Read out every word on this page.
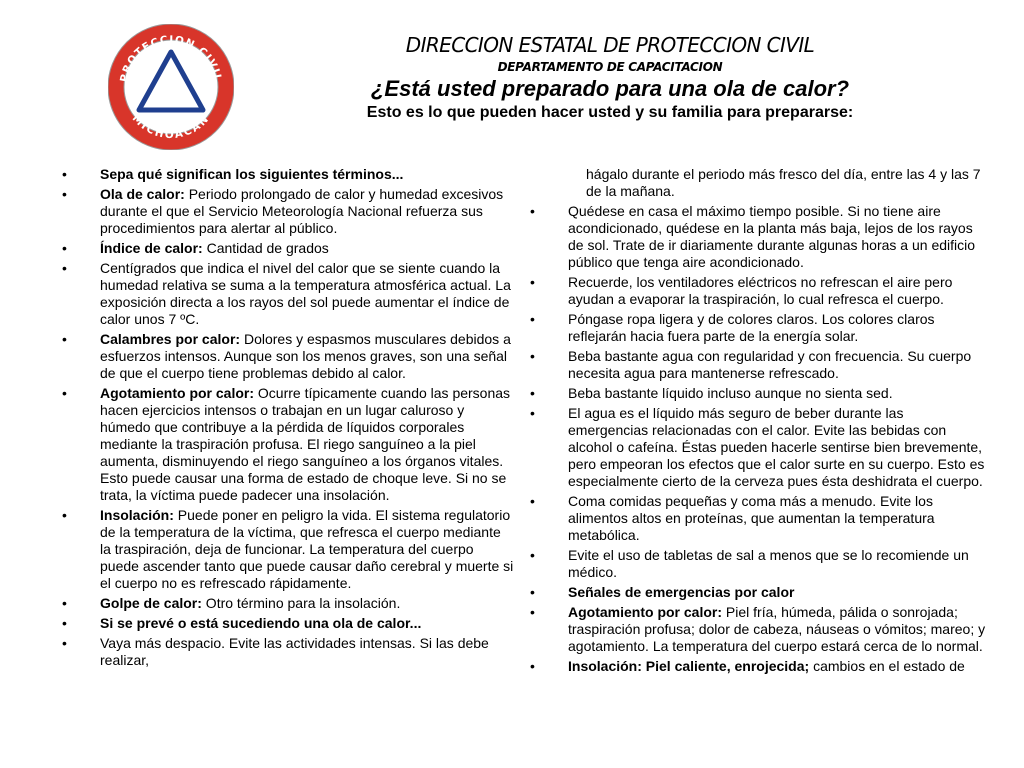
PROTECCION CIVIL
MICHOACAN

DIRECCION ESTATAL DE PROTECCION CIVIL

DEPARTAMENTO DE CAPACITACION

¿Está usted preparado para una ola de calor?

Esto es lo que pueden hacer usted y su familia para prepararse:

• Sepa qué significan los siguientes términos...
• Ola de calor: Periodo prolongado de calor y humedad excesivos durante el que el Servicio Meteorología Nacional refuerza sus procedimientos para alertar al público.
• Índice de calor: Cantidad de grados
• Centígrados que indica el nivel del calor que se siente cuando la humedad relativa se suma a la temperatura atmosférica actual. La exposición directa a los rayos del sol puede aumentar el índice de calor unos 7 ºC.
• Calambres por calor: Dolores y espasmos musculares debidos a esfuerzos intensos. Aunque son los menos graves, son una señal de que el cuerpo tiene problemas debido al calor.
• Agotamiento por calor: Ocurre típicamente cuando las personas hacen ejercicios intensos o trabajan en un lugar caluroso y húmedo que contribuye a la pérdida de líquidos corporales mediante la traspiración profusa. El riego sanguíneo a la piel aumenta, disminuyendo el riego sanguíneo a los órganos vitales. Esto puede causar una forma de estado de choque leve. Si no se trata, la víctima puede padecer una insolación.
• Insolación: Puede poner en peligro la vida. El sistema regulatorio de la temperatura de la víctima, que refresca el cuerpo mediante la traspiración, deja de funcionar. La temperatura del cuerpo puede ascender tanto que puede causar daño cerebral y muerte si el cuerpo no es refrescado rápidamente.
• Golpe de calor: Otro término para la insolación.
• Si se prevé o está sucediendo una ola de calor...
• Vaya más despacio. Evite las actividades intensas. Si las debe realizar,
hágalo durante el periodo más fresco del día, entre las 4 y las 7 de la mañana.
• Quédese en casa el máximo tiempo posible. Si no tiene aire acondicionado, quédese en la planta más baja, lejos de los rayos de sol. Trate de ir diariamente durante algunas horas a un edificio público que tenga aire acondicionado.
• Recuerde, los ventiladores eléctricos no refrescan el aire pero ayudan a evaporar la traspiración, lo cual refresca el cuerpo.
• Póngase ropa ligera y de colores claros. Los colores claros reflejarán hacia fuera parte de la energía solar.
• Beba bastante agua con regularidad y con frecuencia. Su cuerpo necesita agua para mantenerse refrescado.
• Beba bastante líquido incluso aunque no sienta sed.
• El agua es el líquido más seguro de beber durante las emergencias relacionadas con el calor. Evite las bebidas con alcohol o cafeína. Éstas pueden hacerle sentirse bien brevemente, pero empeoran los efectos que el calor surte en su cuerpo. Esto es especialmente cierto de la cerveza pues ésta deshidrata el cuerpo.
• Coma comidas pequeñas y coma más a menudo. Evite los alimentos altos en proteínas, que aumentan la temperatura metabólica.
• Evite el uso de tabletas de sal a menos que se lo recomiende un médico.
• Señales de emergencias por calor
• Agotamiento por calor: Piel fría, húmeda, pálida o sonrojada; traspiración profusa; dolor de cabeza, náuseas o vómitos; mareo; y agotamiento. La temperatura del cuerpo estará cerca de lo normal.
• Insolación: Piel caliente, enrojecida; cambios en el estado de
